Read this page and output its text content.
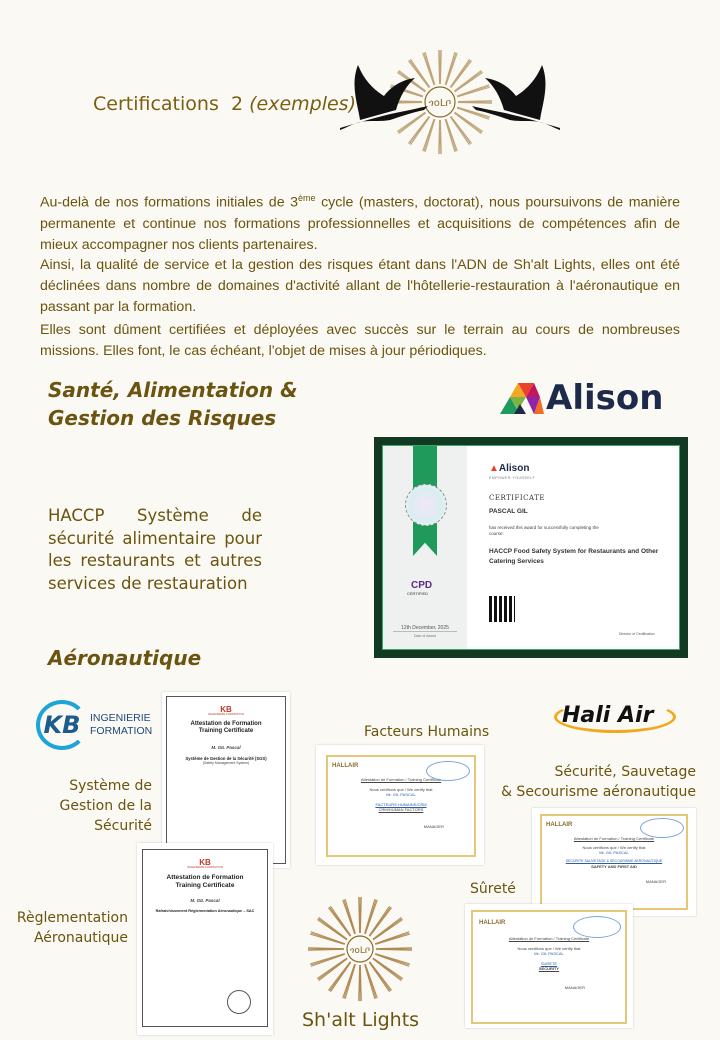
Certifications 2 (exemples)	ጎoLቦ
Au-delà de nos formations initiales de 3ème cycle (masters, doctorat), nous poursuivons de manière permanente et continue nos formations professionnelles et acquisitions de compétences afin de mieux accompagner nos clients partenaires.
Ainsi, la qualité de service et la gestion des risques étant dans l'ADN de Sh'alt Lights, elles ont été déclinées dans nombre de domaines d'activité allant de l'hôtellerie-restauration à l'aéronautique en passant par la formation.
Elles sont dûment certifiées et déployées avec succès sur le terrain au cours de nombreuses missions. Elles font, le cas échéant, l'objet de mises à jour périodiques.
Santé, Alimentation &
Gestion des Risques	Alison
HACCP Système de sécurité alimentaire pour les restaurants et autres services de restauration	CPD
CERTIFIED
12th December, 2025
Date of Award
▲Alison
EMPOWER YOURSELF
CERTIFICATE
PASCAL GIL
has received this award for successfully completing the course:
HACCP Food Safety System for Restaurants and Other Catering Services
Director of Certification
Aéronautique
KB INGENIERIE
FORMATION
Système de
Gestion de la
Sécurité
KB
INGENIERIE FORMATION
Attestation de Formation
Training Certificate
M. GIL Pascal
Système de Gestion de la Sécurité (SGS)
(Safety Management System)
Règlementation
Aéronautique
KB
INGENIERIE FORMATION
Attestation de Formation
Training Certificate
M. GIL Pascal
Rafraîchissement Réglementation Aéronautique – SAC
Facteurs Humains
HALLAIR
Attestation de Formation / Training Certificate
Nous certifions que / We certify that
Mr. GIL PASCAL
FACTEURS HUMAINS/CRM
CRM/HUMAN FACTORS
MANAGER
Hali Air
Sécurité, Sauvetage
& Secourisme aéronautique
HALLAIR
Attestation de Formation / Training Certificate
Nous certifions que / We certify that
Mr. GIL PASCAL
SECURITE SAUVETAGE & SECOURISME AERONAUTIQUE
SAFETY AND FIRST AID
MANAGER
Sûreté
HALLAIR
Attestation de Formation / Training Certificate
Nous certifions que / We certify that
Mr. GIL PASCAL
SURETE
SECURITY
MANAGER
ጎoLቦ
Sh'alt Lights
